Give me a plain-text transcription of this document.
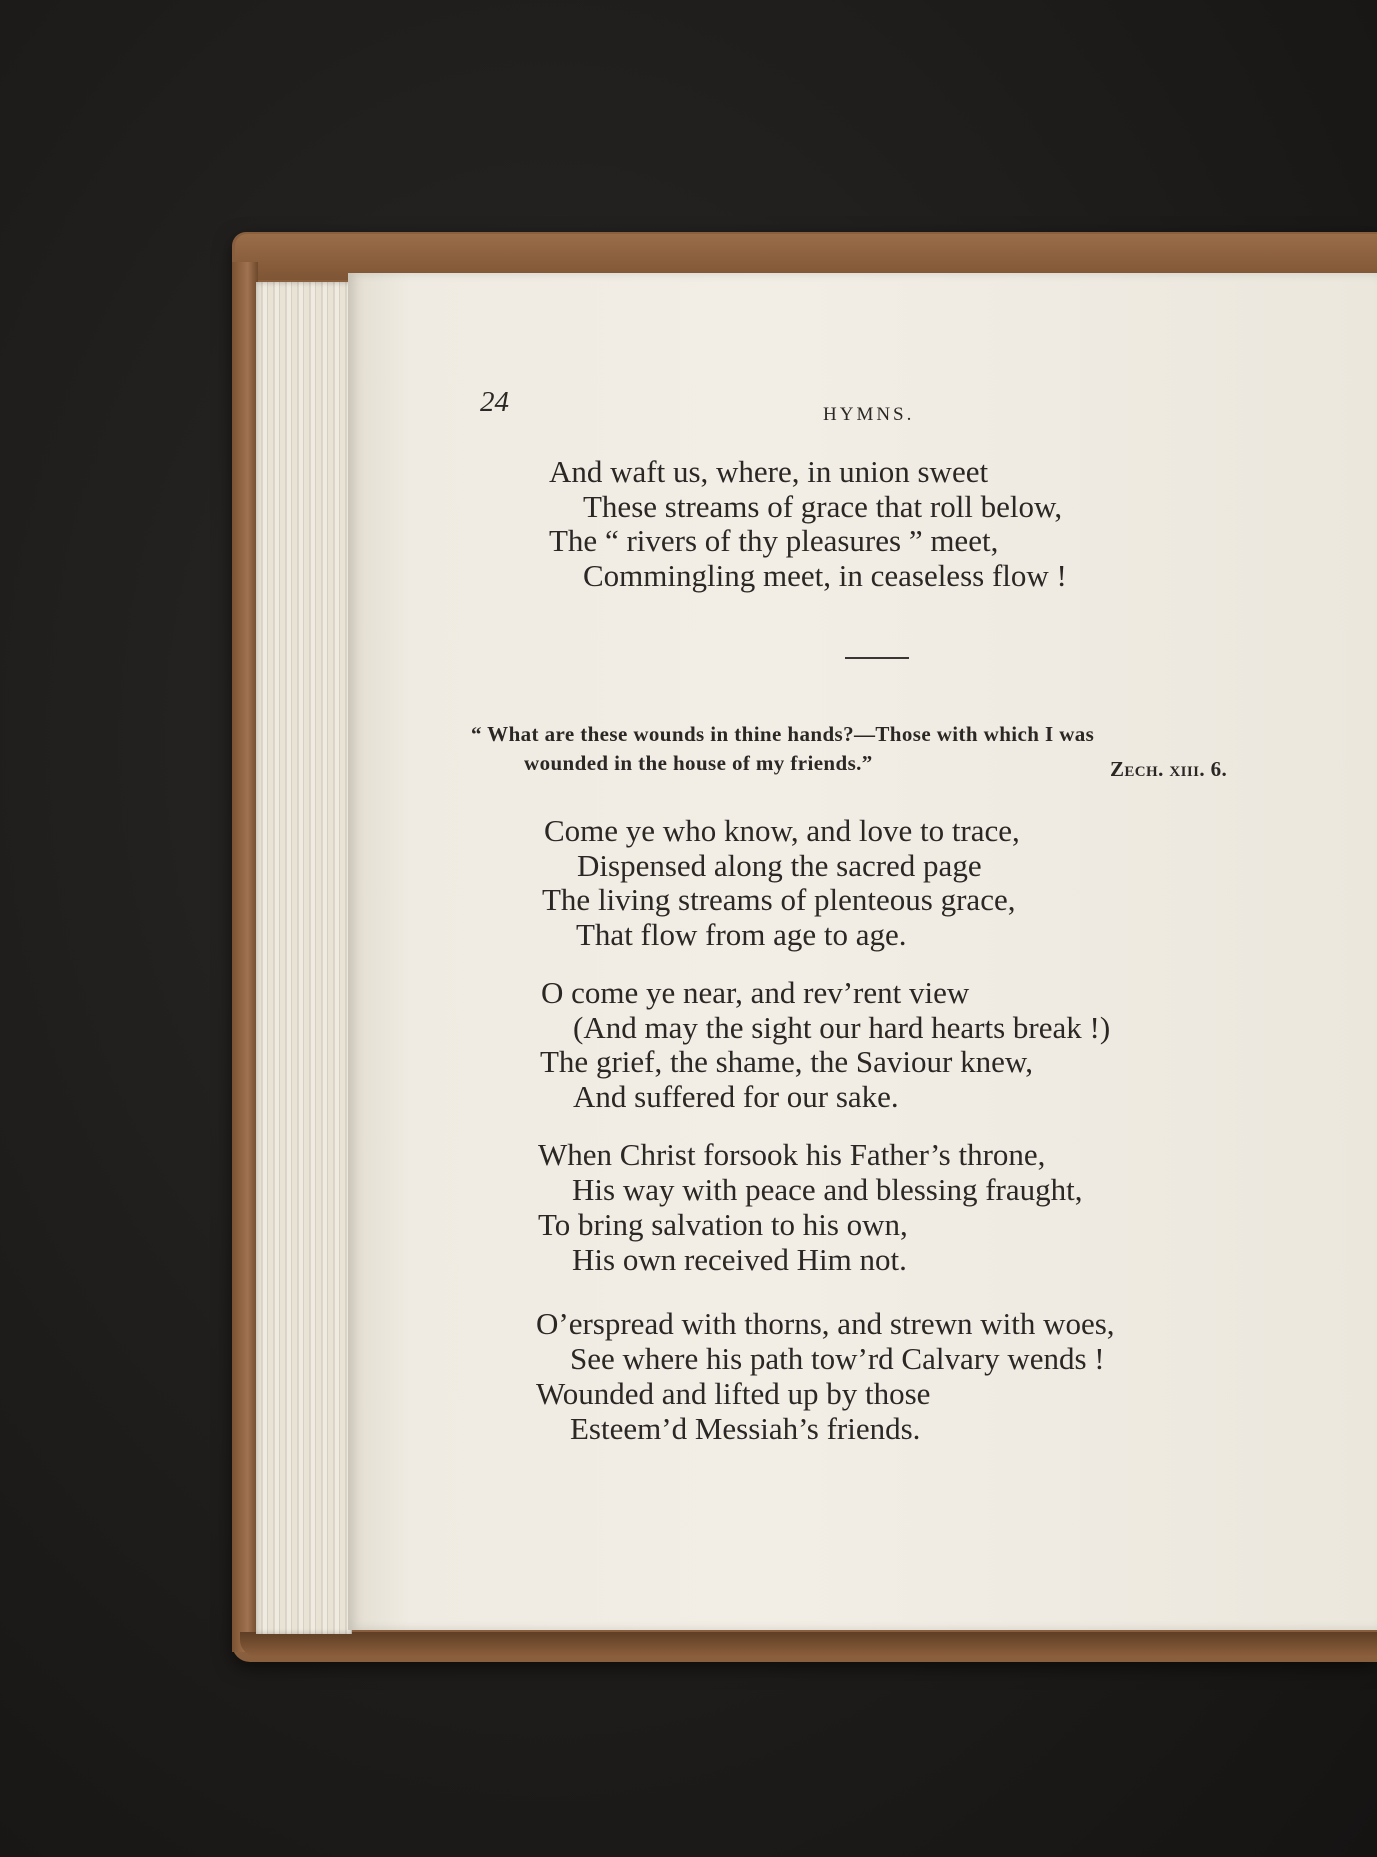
24	HYMNS.
And waft us, where, in union sweet
These streams of grace that roll below,
The “ rivers of thy pleasures ” meet,
Commingling meet, in ceaseless flow !
“ What are these wounds in thine hands?—Those with which I was
wounded in the house of my friends.”	Zech. xiii. 6.
Come ye who know, and love to trace,
Dispensed along the sacred page
The living streams of plenteous grace,
That flow from age to age.
O come ye near, and rev’rent view
(And may the sight our hard hearts break !)
The grief, the shame, the Saviour knew,
And suffered for our sake.
When Christ forsook his Father’s throne,
His way with peace and blessing fraught,
To bring salvation to his own,
His own received Him not.
O’erspread with thorns, and strewn with woes,
See where his path tow’rd Calvary wends !
Wounded and lifted up by those
Esteem’d Messiah’s friends.
